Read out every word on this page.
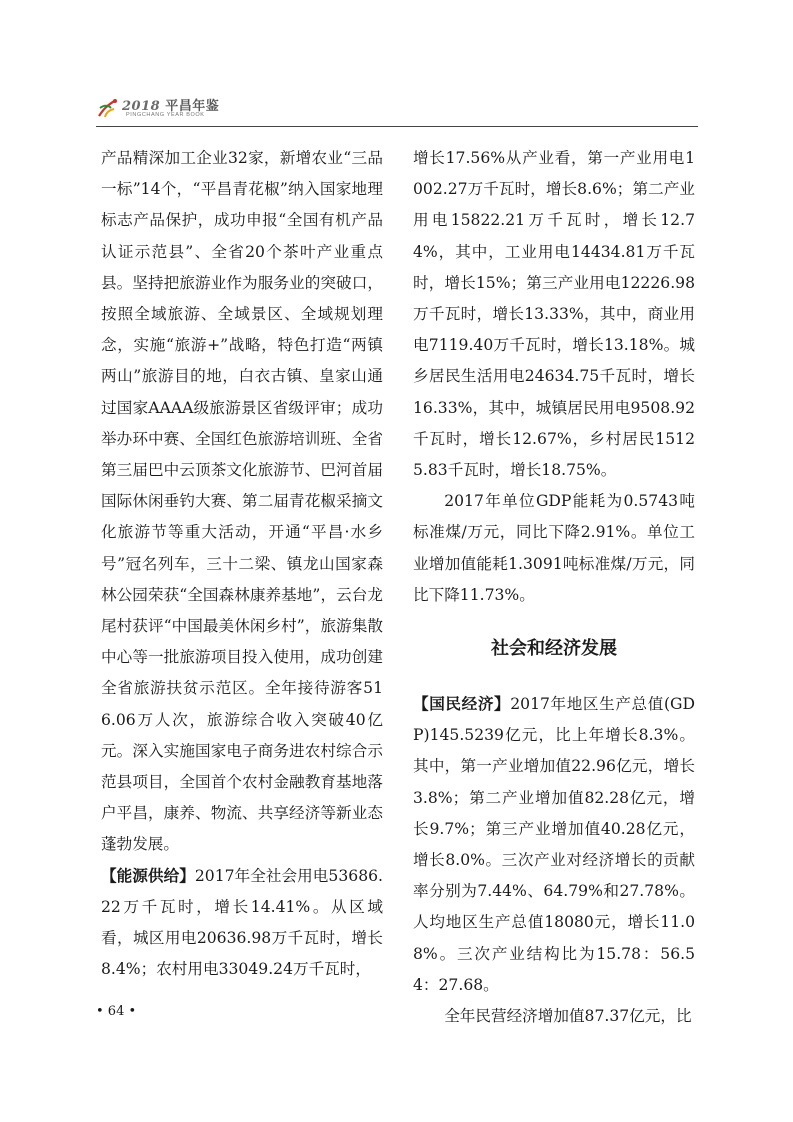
2018 平昌年鉴
PINGCHANG YEAR BOOK

产品精深加工企业32家，新增农业“三品一标”14个，“平昌青花椒”纳入国家地理标志产品保护，成功申报“全国有机产品认证示范县”、全省20个茶叶产业重点县。坚持把旅游业作为服务业的突破口，按照全域旅游、全域景区、全域规划理念，实施“旅游+”战略，特色打造“两镇两山”旅游目的地，白衣古镇、皇家山通过国家AAAA级旅游景区省级评审；成功举办环中赛、全国红色旅游培训班、全省第三届巴中云顶茶文化旅游节、巴河首届国际休闲垂钓大赛、第二届青花椒采摘文化旅游节等重大活动，开通“平昌·水乡号”冠名列车，三十二梁、镇龙山国家森林公园荣获“全国森林康养基地”，云台龙尾村获评“中国最美休闲乡村”，旅游集散中心等一批旅游项目投入使用，成功创建全省旅游扶贫示范区。全年接待游客516.06万人次，旅游综合收入突破40亿元。深入实施国家电子商务进农村综合示范县项目，全国首个农村金融教育基地落户平昌，康养、物流、共享经济等新业态蓬勃发展。

【能源供给】2017年全社会用电53686.22万千瓦时，增长14.41%。从区域看，城区用电20636.98万千瓦时，增长8.4%；农村用电33049.24万千瓦时，

增长17.56%从产业看，第一产业用电1002.27万千瓦时，增长8.6%；第二产业用电15822.21万千瓦时，增长12.74%，其中，工业用电14434.81万千瓦时，增长15%；第三产业用电12226.98万千瓦时，增长13.33%，其中，商业用电7119.40万千瓦时，增长13.18%。城乡居民生活用电24634.75千瓦时，增长16.33%，其中，城镇居民用电9508.92千瓦时，增长12.67%，乡村居民15125.83千瓦时，增长18.75%。

2017年单位GDP能耗为0.5743吨标准煤/万元，同比下降2.91%。单位工业增加值能耗1.3091吨标准煤/万元，同比下降11.73%。

社会和经济发展

【国民经济】2017年地区生产总值(GDP)145.5239亿元，比上年增长8.3%。其中，第一产业增加值22.96亿元，增长3.8%；第二产业增加值82.28亿元，增长9.7%；第三产业增加值40.28亿元，增长8.0%。三次产业对经济增长的贡献率分别为7.44%、64.79%和27.78%。人均地区生产总值18080元，增长11.08%。三次产业结构比为15.78：56.54：27.68。

全年民营经济增加值87.37亿元，比

• 64 •
